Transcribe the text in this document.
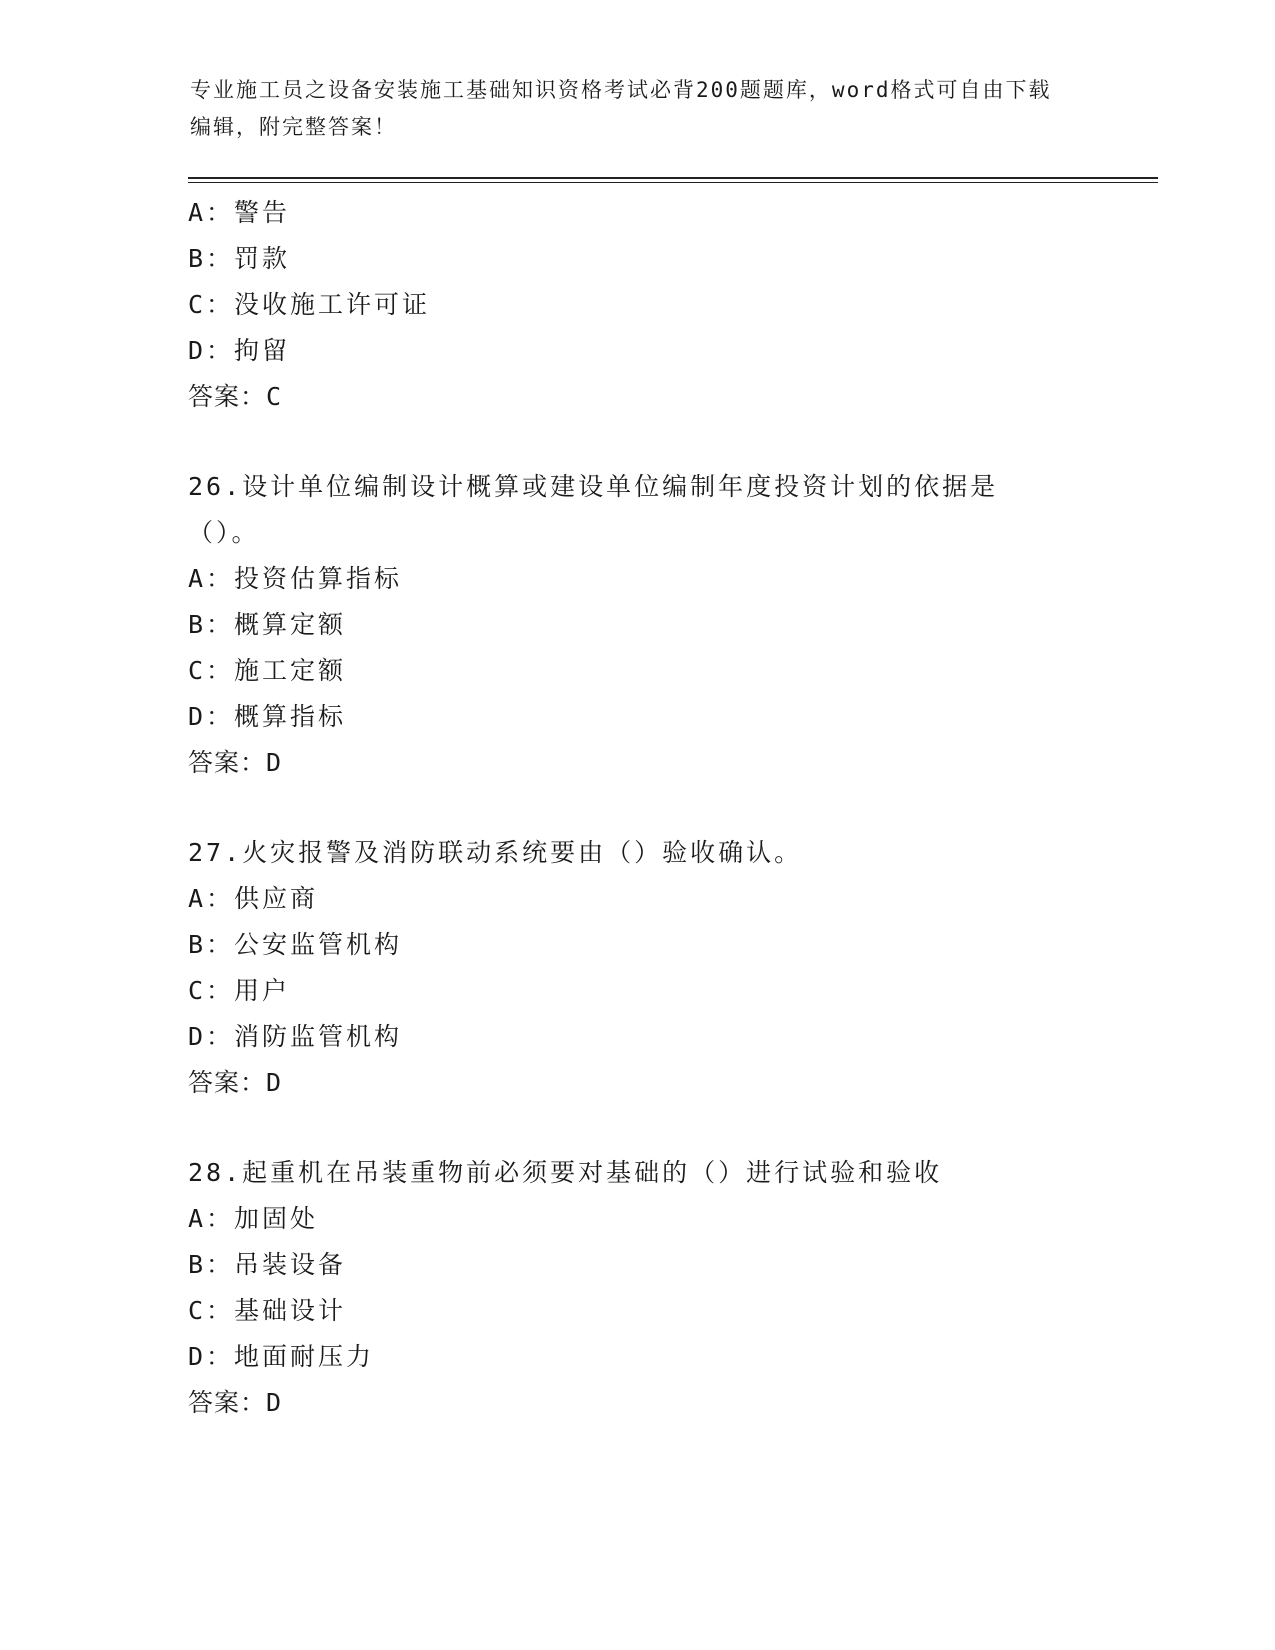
专业施工员之设备安装施工基础知识资格考试必背200题题库，word格式可自由下载编辑，附完整答案！
A：警告
B：罚款
C：没收施工许可证
D：拘留
答案：C
26.设计单位编制设计概算或建设单位编制年度投资计划的依据是（）。
A：投资估算指标
B：概算定额
C：施工定额
D：概算指标
答案：D
27.火灾报警及消防联动系统要由（）验收确认。
A：供应商
B：公安监管机构
C：用户
D：消防监管机构
答案：D
28.起重机在吊装重物前必须要对基础的（）进行试验和验收
A：加固处
B：吊装设备
C：基础设计
D：地面耐压力
答案：D
